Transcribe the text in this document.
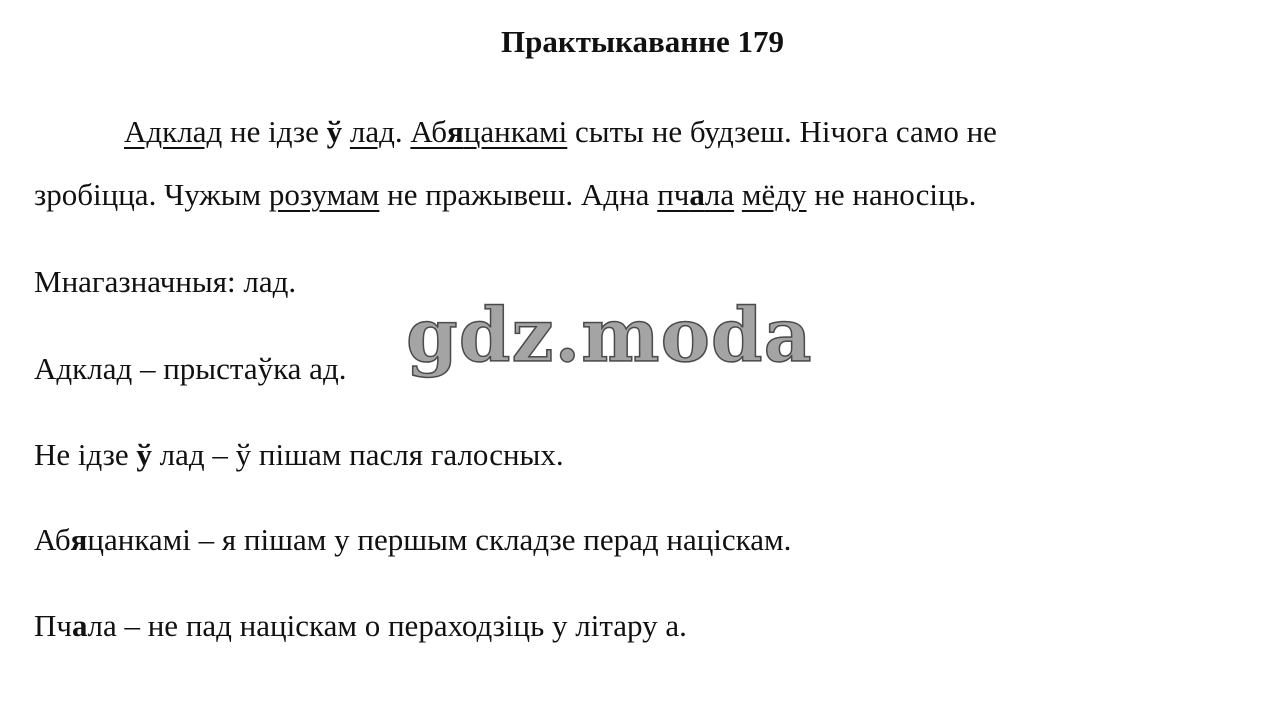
Практыкаванне 179
Адклад не ідзе ў лад. Абяцанкамі сыты не будзеш. Нічога само не
зробіцца. Чужым розумам не пражывеш. Адна пчала мёду не наносіць.
Мнагазначныя: лад.
Адклад – прыстаўка ад.
Не ідзе ў лад – ў пішам пасля галосных.
Абяцанкамі – я пішам у першым складзе перад націскам.
Пчала – не пад націскам о пераходзіць у літару а.
gdz.moda
